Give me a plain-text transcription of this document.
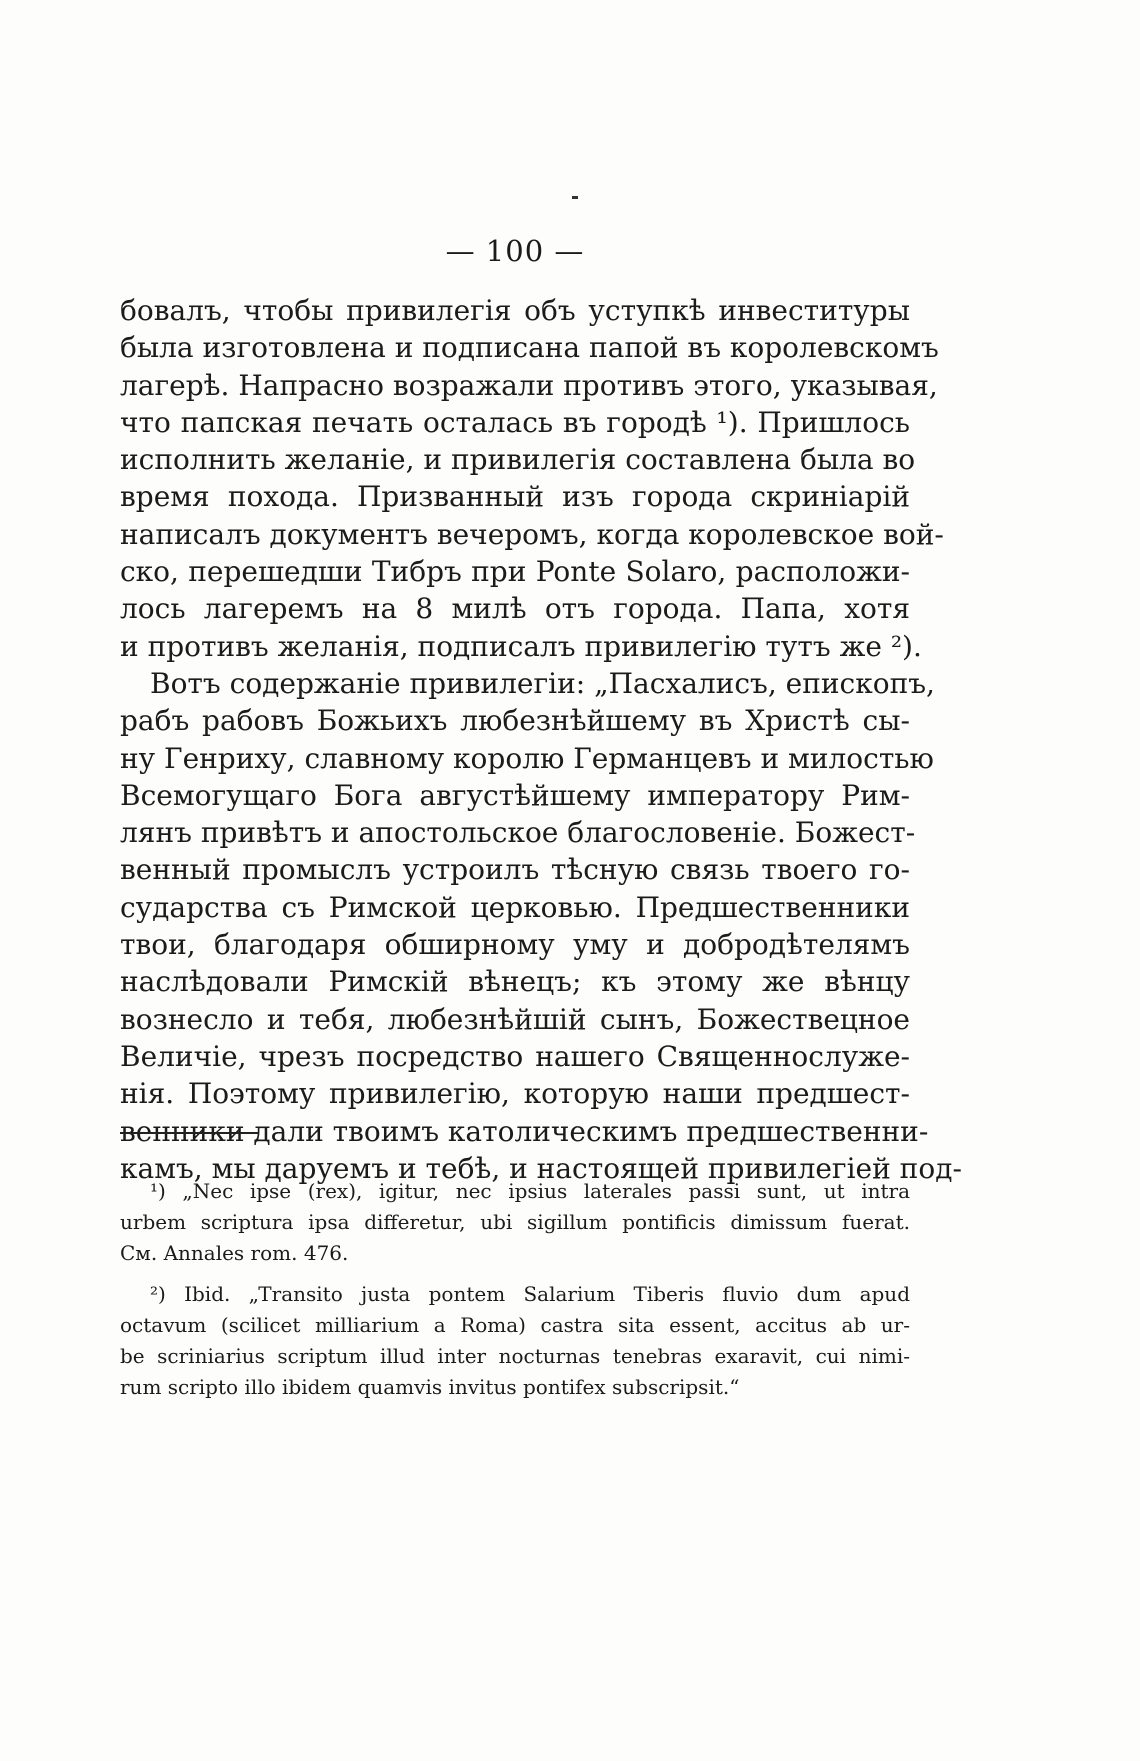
— 100 —
бовалъ, чтобы привилегія объ уступкѣ инвеституры
была изготовлена и подписана папой въ королевскомъ
лагерѣ. Напрасно возражали противъ этого, указывая,
что папская печать осталась въ городѣ ¹). Пришлось
исполнить желаніе, и привилегія составлена была во
время похода. Призванный изъ города скриніарій
написалъ документъ вечеромъ, когда королевское вой-
ско, перешедши Тибръ при Ponte Solaro, расположи-
лось лагеремъ на 8 милѣ отъ города. Папа, хотя
и противъ желанія, подписалъ привилегію тутъ же ²).
Вотъ содержаніе привилегіи: „Пасхалисъ, епископъ,
рабъ рабовъ Божьихъ любезнѣйшему въ Христѣ сы-
ну Генриху, славному королю Германцевъ и милостью
Всемогущаго Бога августѣйшему императору Рим-
лянъ привѣтъ и апостольское благословеніе. Божест-
венный промыслъ устроилъ тѣсную связь твоего го-
сударства съ Римской церковью. Предшественники
твои, благодаря обширному уму и добродѣтелямъ
наслѣдовали Римскій вѣнецъ; къ этому же вѣнцу
вознесло и тебя, любезнѣйшій сынъ, Божествецное
Величіе, чрезъ посредство нашего Священнослуже-
нія. Поэтому привилегію, которую наши предшест-
венники дали твоимъ католическимъ предшественни-
камъ, мы даруемъ и тебѣ, и настоящей привилегіей под-
¹) „Nec ipse (rex), igitur, nec ipsius laterales passi sunt, ut intra
urbem scriptura ipsa differetur, ubi sigillum pontificis dimissum fuerat.
См. Annales rom. 476.
²) Ibid. „Transito justa pontem Salarium Tiberis fluvio dum apud
octavum (scilicet milliarium a Roma) castra sita essent, accitus ab ur-
be scriniarius scriptum illud inter nocturnas tenebras exaravit, cui nimi-
rum scripto illo ibidem quamvis invitus pontifex subscripsit.“
